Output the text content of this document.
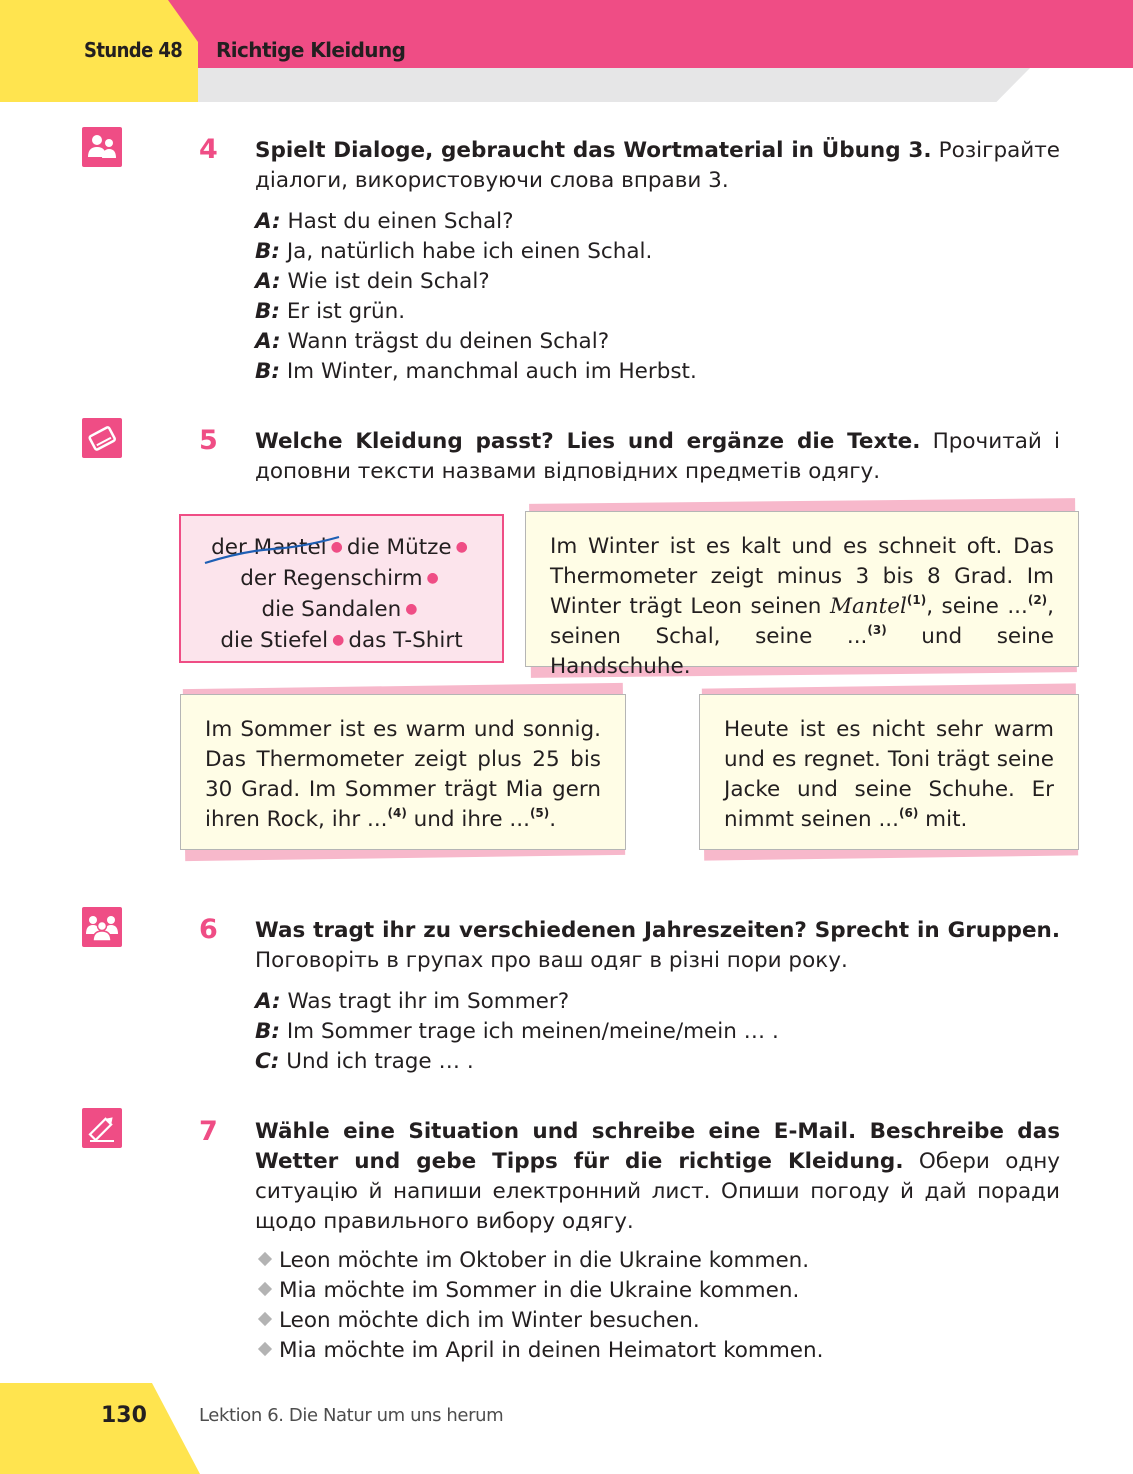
Stunde 48 Richtige Kleidung
4 Spielt Dialoge, gebraucht das Wortmaterial in Übung 3. Розіграйте діалоги, використовуючи слова вправи 3.
A: Hast du einen Schal?
B: Ja, natürlich habe ich einen Schal.
A: Wie ist dein Schal?
B: Er ist grün.
A: Wann trägst du deinen Schal?
B: Im Winter, manchmal auch im Herbst.
5 Welche Kleidung passt? Lies und ergänze die Texte. Прочитай і доповни тексти назвами відповідних предметів одягу.
der Mantel ● die Mütze ●
der Regenschirm ●
die Sandalen ●
die Stiefel ● das T-Shirt
Im Winter ist es kalt und es schneit oft. Das Thermometer zeigt minus 3 bis 8 Grad. Im Winter trägt Leon seinen Mantel$^{(1)}$, seine ...$^{(2)}$, seinen Schal, seine ...$^{(3)}$ und seine Handschuhe.
Im Sommer ist es warm und sonnig. Das Thermometer zeigt plus 25 bis 30 Grad. Im Sommer trägt Mia gern ihren Rock, ihr ...$^{(4)}$ und ihre ...$^{(5)}$.
Heute ist es nicht sehr warm und es regnet. Toni trägt seine Jacke und seine Schuhe. Er nimmt seinen ...$^{(6)}$ mit.
6 Was tragt ihr zu verschiedenen Jahreszeiten? Sprecht in Gruppen. Поговоріть в групах про ваш одяг в різні пори року.
A: Was tragt ihr im Sommer?
B: Im Sommer trage ich meinen/meine/mein … .
C: Und ich trage … .
7 Wähle eine Situation und schreibe eine E-Mail. Beschreibe das Wetter und gebe Tipps für die richtige Kleidung. Обери одну ситуацію й напиши електронний лист. Опиши погоду й дай поради щодо правильного вибору одягу.
Leon möchte im Oktober in die Ukraine kommen.
Mia möchte im Sommer in die Ukraine kommen.
Leon möchte dich im Winter besuchen.
Mia möchte im April in deinen Heimatort kommen.
130	Lektion 6. Die Natur um uns herum
